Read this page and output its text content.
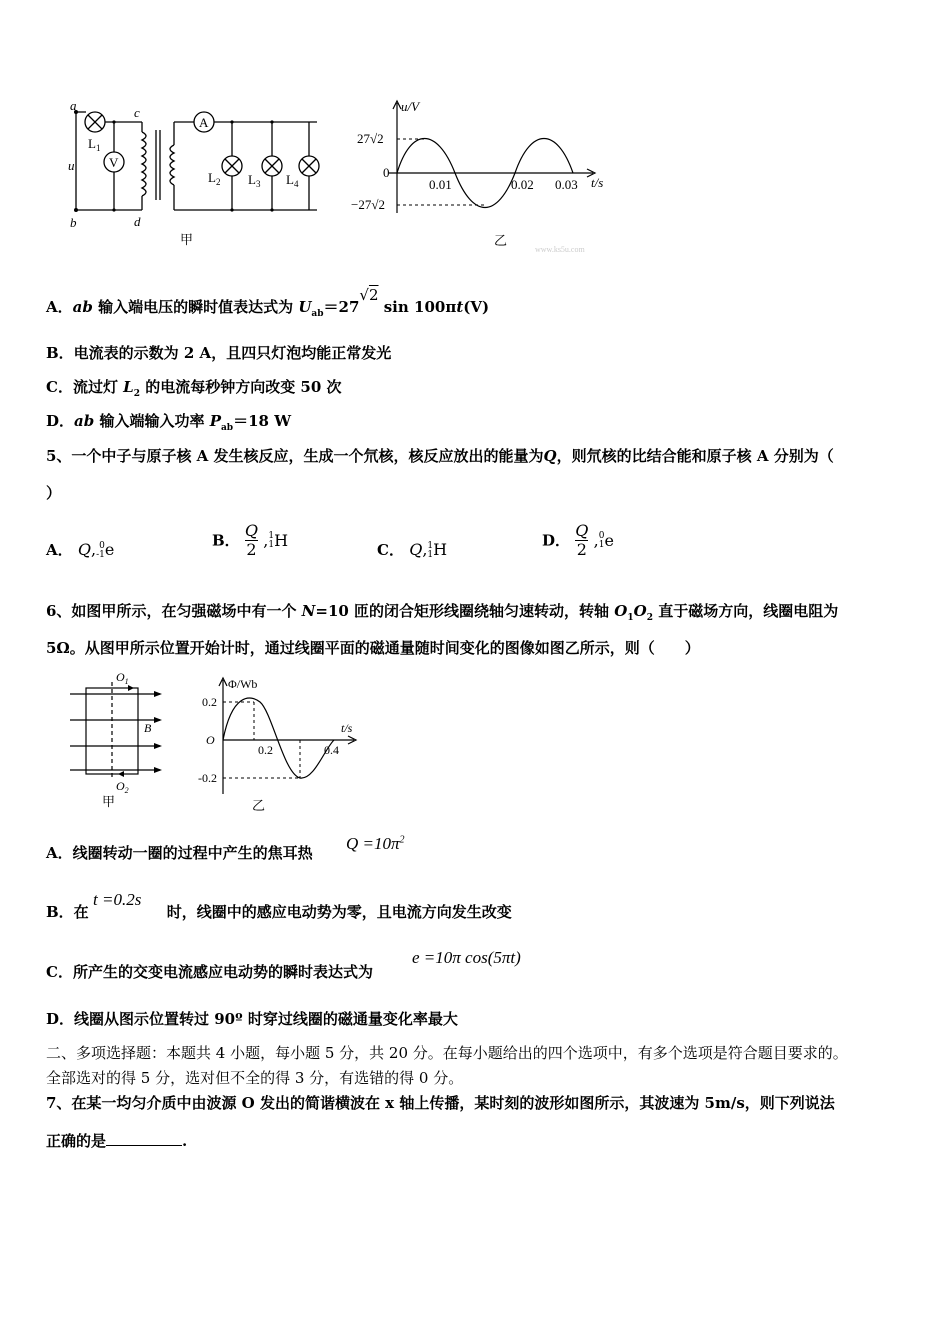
a
b
c
d
u
$L_1$
$L_2$ $L_3$ $L_4$
V
A
甲
u/V
t/s
27√2
−27√2
0
0.01	0.02 0.03
乙
www.ks5u.com
A．ab 输入端电压的瞬时值表达式为 $U_{ab}=27√2$ sin 100πt(V)
B．电流表的示数为 2 A，且四只灯泡均能正常发光
C．流过灯 $L_2$ 的电流每秒钟方向改变 50 次
D．ab 输入端输入功率 $P_{ab}=18$ W
5、一个中子与原子核 A 发生核反应，生成一个氘核，核反应放出的能量为Q，则氘核的比结合能和原子核 A 分别为（
）
A． Q, 0
-1 e	B． $\frac{Q}{2}$ , 1
1 H
C． Q, 1
1 H	D． $\frac{Q}{2}$ , 0
1 e
6、如图甲所示，在匀强磁场中有一个 N=10 匝的闭合矩形线圈绕轴匀速转动，转轴 $O_1O_2$ 直于磁场方向，线圈电阻为
5Ω。从图甲所示位置开始计时，通过线圈平面的磁通量随时间变化的图像如图乙所示，则（　　）
$O_1$
$O_2$
B
甲
Φ/Wb
t/s
0.2
-0.2
O
0.2	0.4
乙
A．线圈转动一圈的过程中产生的焦耳热 $Q =10\pi^2$
B．在	时，线圈中的感应电动势为零，且电流方向发生改变
t =0.2s
C．所产生的交变电流感应电动势的瞬时表达式为
e =10π cos(5πt)
D．线圈从图示位置转过 90º 时穿过线圈的磁通量变化率最大
二、多项选择题：本题共 4 小题，每小题 5 分，共 20 分。在每小题给出的四个选项中，有多个选项是符合题目要求的。
全部选对的得 5 分，选对但不全的得 3 分，有选错的得 0 分。
7、在某一均匀介质中由波源 O 发出的简谐横波在 x 轴上传播，某时刻的波形如图所示，其波速为 5m/s，则下列说法
正确的是	.
